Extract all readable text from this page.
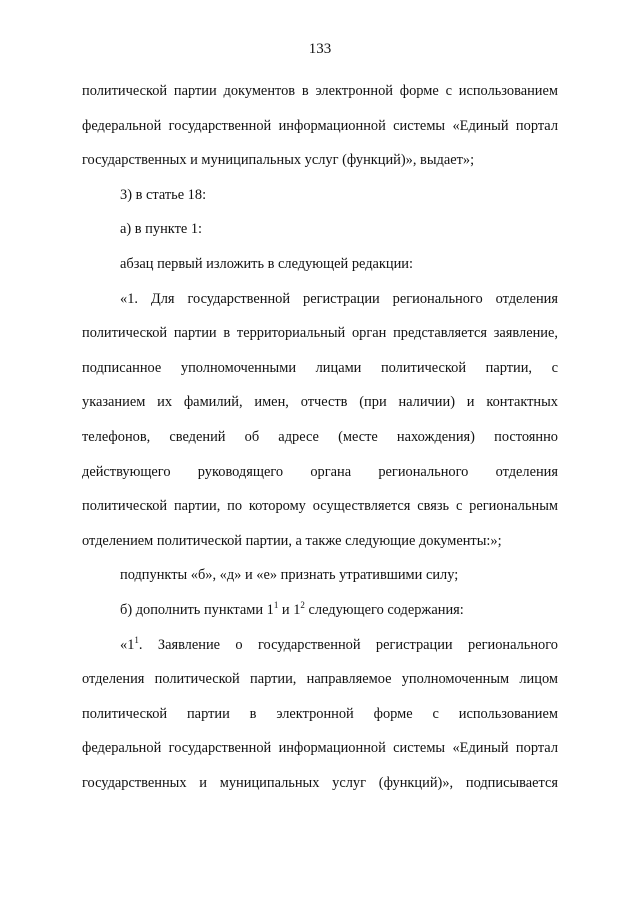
133
политической партии документов в электронной форме с использованием
федеральной государственной информационной системы «Единый портал
государственных и муниципальных услуг (функций)», выдает»;
3) в статье 18:
а) в пункте 1:
абзац первый изложить в следующей редакции:
«1. Для государственной регистрации регионального отделения
политической партии в территориальный орган представляется заявление,
подписанное уполномоченными лицами политической партии, с
указанием их фамилий, имен, отчеств (при наличии) и контактных
телефонов, сведений об адресе (месте нахождения) постоянно
действующего руководящего органа регионального отделения
политической партии, по которому осуществляется связь с региональным
отделением политической партии, а также следующие документы:»;
подпункты «б», «д» и «е» признать утратившими силу;
б) дополнить пунктами $1^1$ и $1^2$ следующего содержания:
«$1^1$. Заявление о государственной регистрации регионального
отделения политической партии, направляемое уполномоченным лицом
политической партии в электронной форме с использованием
федеральной государственной информационной системы «Единый портал
государственных и муниципальных услуг (функций)», подписывается
